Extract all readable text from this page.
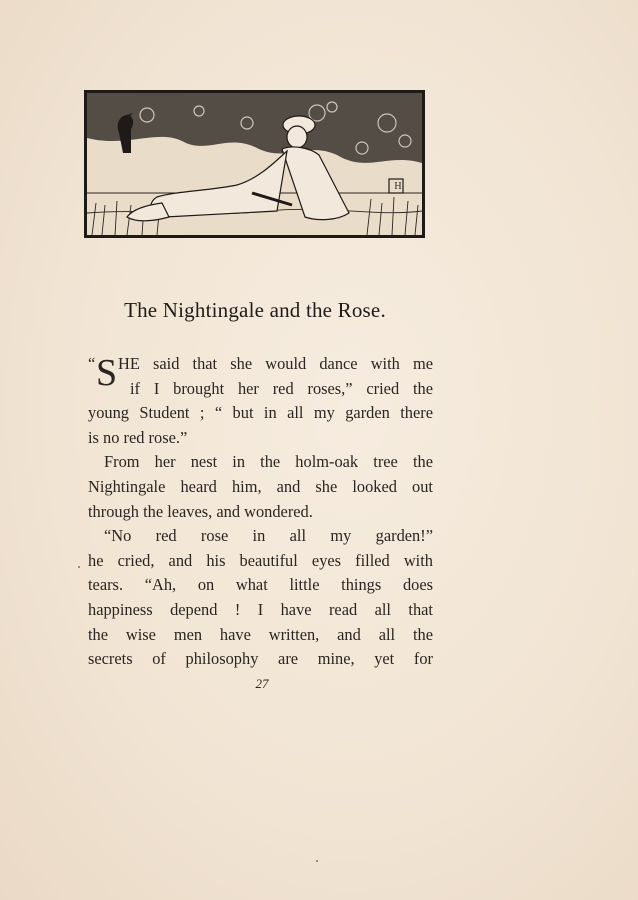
H
The Nightingale and the Rose.
“ S HE said that she would dance with me

if I brought her red roses,” cried the

young Student ; “ but in all my garden there

is no red rose.”

From her nest in the holm-oak tree the

Nightingale heard him, and she looked out

through the leaves, and wondered.

“No red rose in all my garden!”

he cried, and his beautiful eyes filled with

tears. “Ah, on what little things does

happiness depend ! I have read all that

the wise men have written, and all the

secrets of philosophy are mine, yet for

27
